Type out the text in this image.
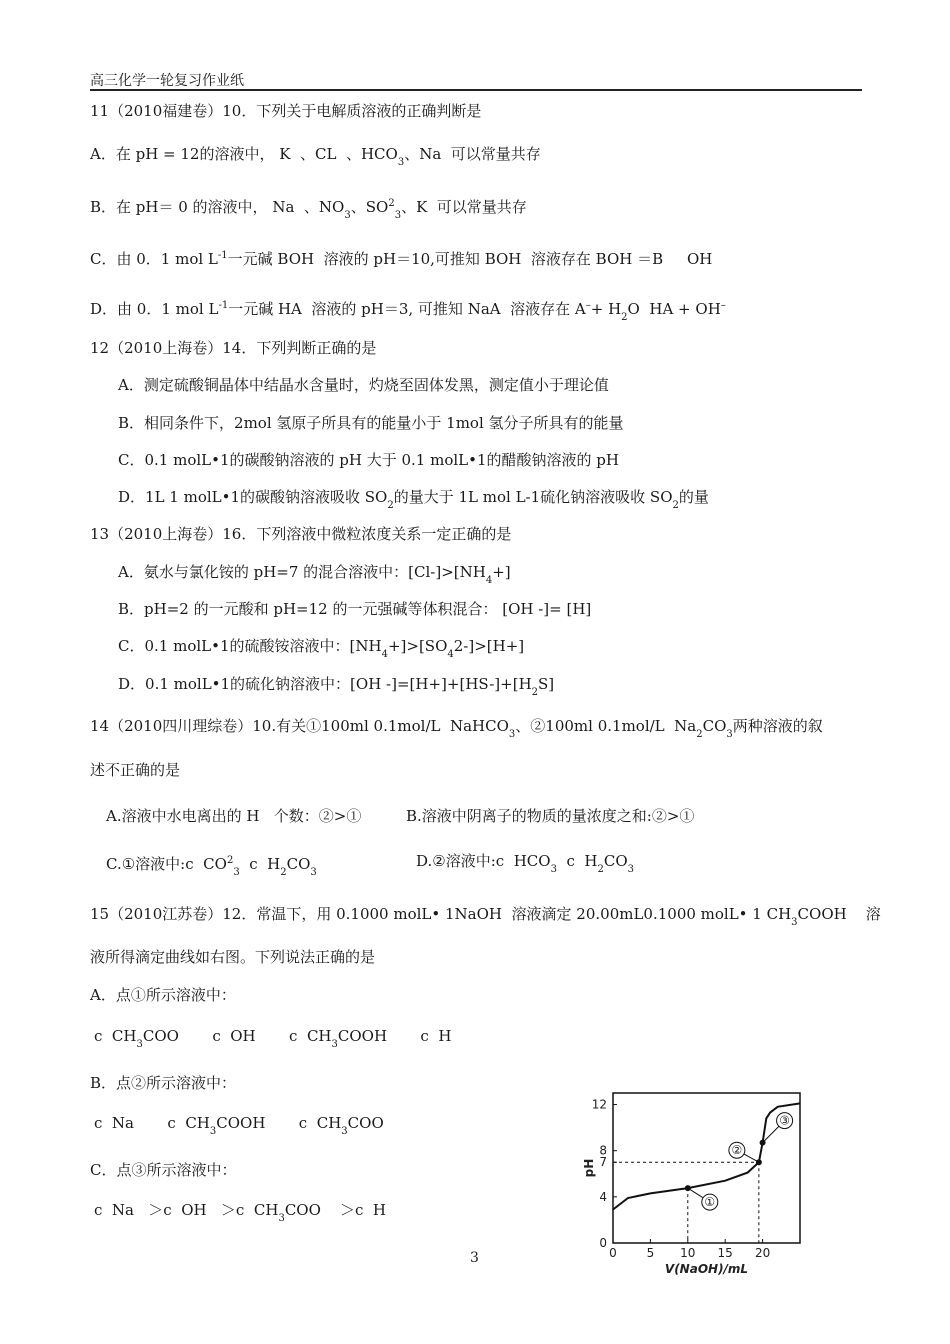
高三化学一轮复习作业纸
11（2010福建卷）10．下列关于电解质溶液的正确判断是
A．在 pH = 12的溶液中， K  、CL  、$HCO_3$、Na  可以常量共存
B．在 pH＝ 0 的溶液中， Na  、$NO_3$、$SO^2_3$、K  可以常量共存
C．由 0．1 mol $L^{-1}$一元碱 BOH  溶液的 pH＝10,可推知 BOH  溶液存在 BOH ＝B     OH
D．由 0．1 mol $L^{-1}$一元碱 HA  溶液的 pH＝3, 可推知 NaA  溶液存在 $A^-+ H_2O$  HA + OH–
12（2010上海卷）14．下列判断正确的是
A．测定硫酸铜晶体中结晶水含量时，灼烧至固体发黑，测定值小于理论值
B．相同条件下，2mol 氢原子所具有的能量小于 1mol 氢分子所具有的能量
C．0.1 molL•1的碳酸钠溶液的 pH 大于 0.1 molL•1的醋酸钠溶液的 pH
D．1L 1 molL•1的碳酸钠溶液吸收 $SO_2$的量大于 1L mol L-1硫化钠溶液吸收 $SO_2$的量
13（2010上海卷）16．下列溶液中微粒浓度关系一定正确的是
A．氨水与氯化铵的 pH=7 的混合溶液中：$[Cl-]>[NH_4+]$
B．pH=2 的一元酸和 pH=12 的一元强碱等体积混合： [OH -]= [H]
C．0.1 molL•1的硫酸铵溶液中：$[NH_4+]>[SO_42-]>[H+]$
D．0.1 molL•1的硫化钠溶液中：[OH $-]=[H+]+[HS-]+[H_2S]$
14（2010四川理综卷）10.有关①100ml 0.1mol/L  NaHCO$_3$、②100ml 0.1mol/L  $Na_2CO_3$两种溶液的叙
述不正确的是
A.溶液中水电离出的 H   个数：②>①	B.溶液中阴离子的物质的量浓度之和:②>①
C.①溶液中:c  $CO^2_3$  c  $H_2CO_3$
D.②溶液中:c  $HCO_3$  c  $H_2CO_3$
15（2010江苏卷）12．常温下，用 0.1000 molL• 1NaOH  溶液滴定 20.00mL0.1000 molL• 1 $CH_3COOH$    溶
液所得滴定曲线如右图。下列说法正确的是
A．点①所示溶液中：
c  $CH_3COO$       c  OH       c  $CH_3COOH$       c  H
B．点②所示溶液中：
c  Na       c  $CH_3COOH$       c  $CH_3COO$
C．点③所示溶液中：
c  Na   ＞c  OH   ＞c  $CH_3COO$    ＞c  H
0 5 10 15 20
4
7
8
12
0
①
②
③
V(NaOH)/mL
pH
3
